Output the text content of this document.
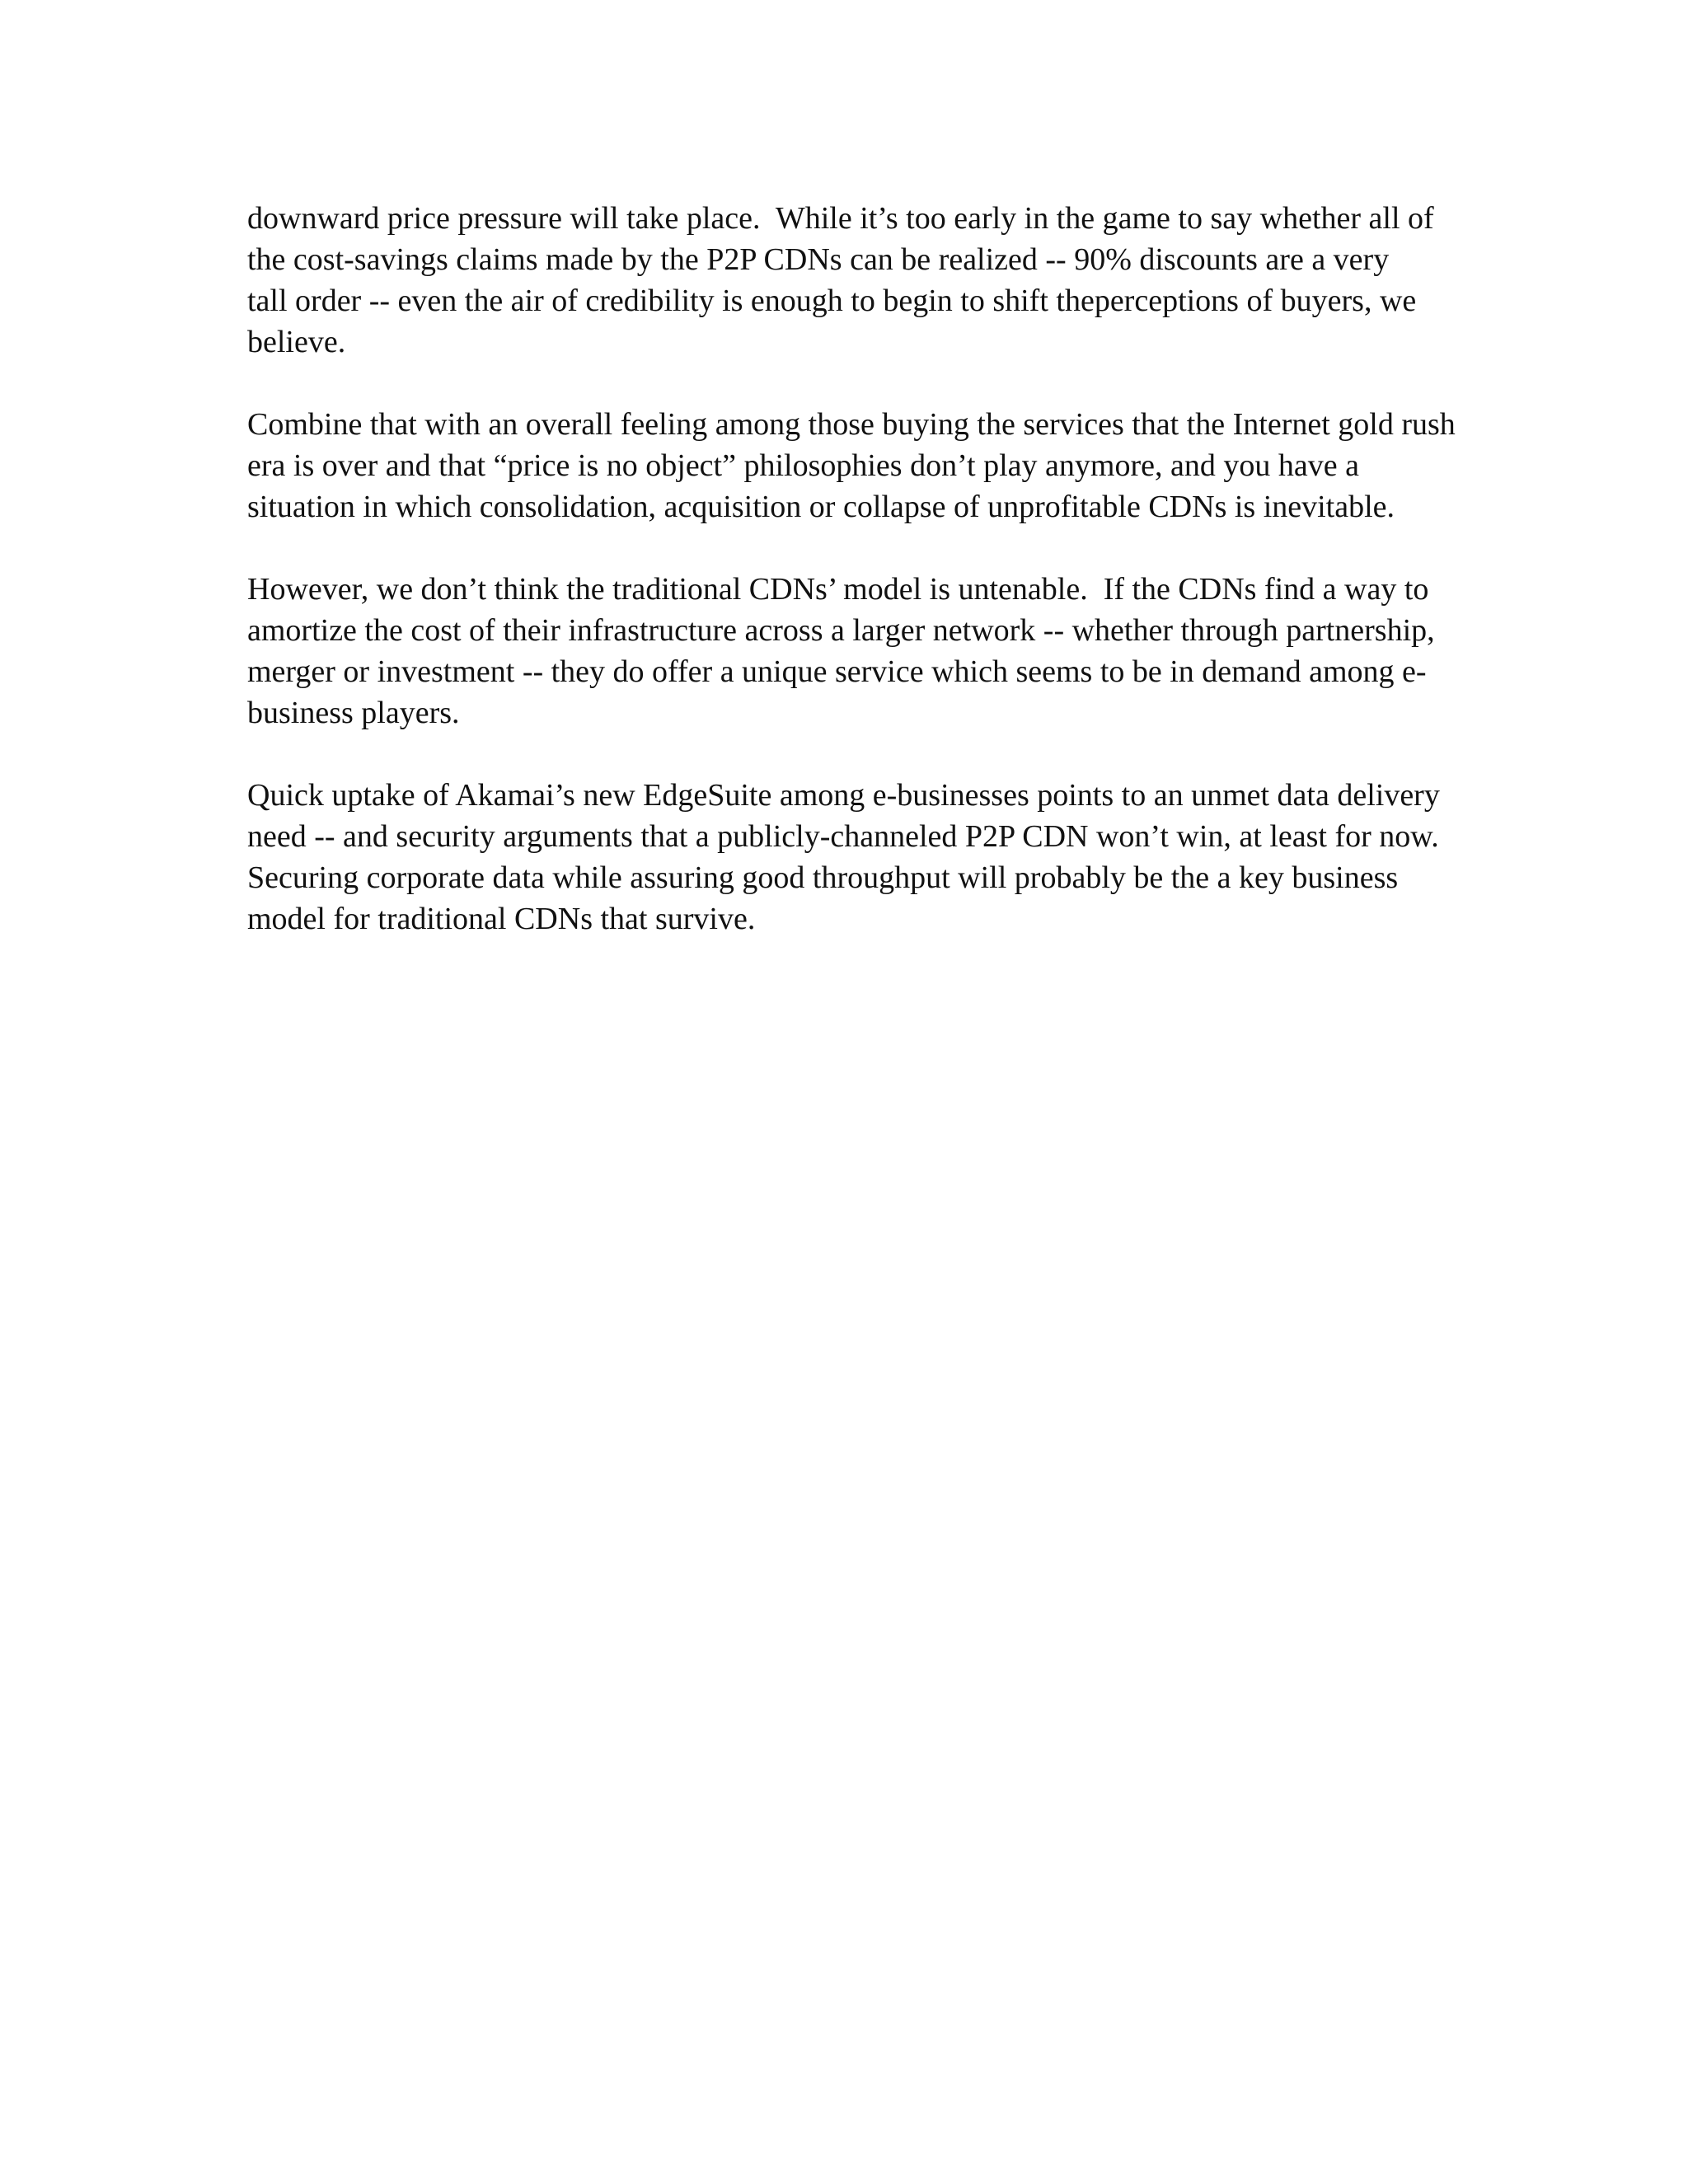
downward price pressure will take place.  While it’s too early in the game to say whether all of
the cost-savings claims made by the P2P CDNs can be realized -- 90% discounts are a very
tall order -- even the air of credibility is enough to begin to shift theperceptions of buyers, we
believe.

Combine that with an overall feeling among those buying the services that the Internet gold rush
era is over and that “price is no object” philosophies don’t play anymore, and you have a
situation in which consolidation, acquisition or collapse of unprofitable CDNs is inevitable.

However, we don’t think the traditional CDNs’ model is untenable.  If the CDNs find a way to
amortize the cost of their infrastructure across a larger network -- whether through partnership,
merger or investment -- they do offer a unique service which seems to be in demand among e-
business players.

Quick uptake of Akamai’s new EdgeSuite among e-businesses points to an unmet data delivery
need -- and security arguments that a publicly-channeled P2P CDN won’t win, at least for now.
Securing corporate data while assuring good throughput will probably be the a key business
model for traditional CDNs that survive.
